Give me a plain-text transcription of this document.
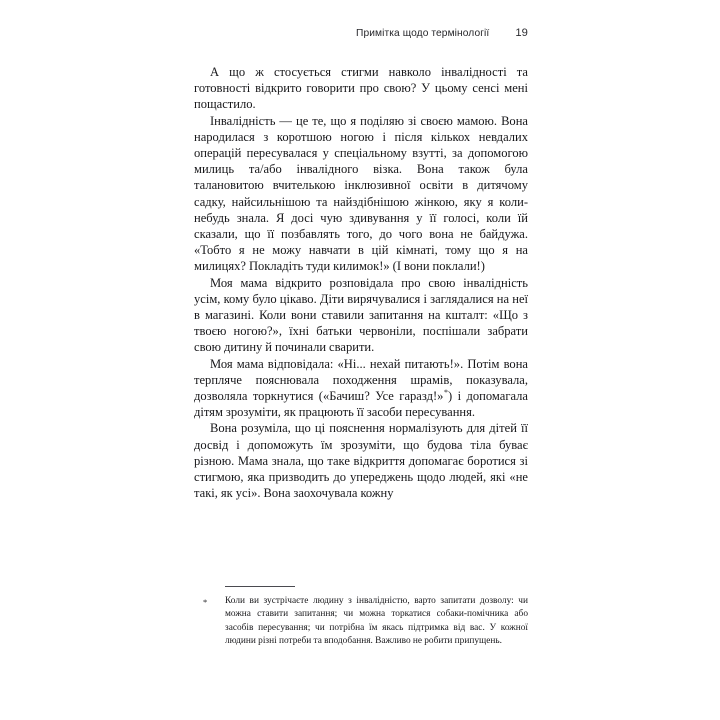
Примітка щодо термінології 19

А що ж стосується стигми навколо інвалідності та готовності відкрито говорити про свою? У цьому сенсі мені пощастило.

Інвалідність — це те, що я поділяю зі своєю мамою. Вона народилася з коротшою ногою і після кількох невдалих операцій пересувалася у спеціальному взутті, за допомогою милиць та/або інвалідного візка. Вона також була талановитою вчителькою інклюзивної освіти в дитячому садку, найсильнішою та найздібнішою жінкою, яку я коли-небудь знала. Я досі чую здивування у її голосі, коли їй сказали, що її позбавлять того, до чого вона не байдужа. «Тобто я не можу навчати в цій кімнаті, тому що я на милицях? Покладіть туди килимок!» (І вони поклали!)

Моя мама відкрито розповідала про свою інвалідність усім, кому було цікаво. Діти вирячувалися і заглядалися на неї в магазині. Коли вони ставили запитання на кшталт: «Що з твоєю ногою?», їхні батьки червоніли, поспішали забрати свою дитину й починали сварити.

Моя мама відповідала: «Ні... нехай питають!». Потім вона терпляче пояснювала походження шрамів, показувала, дозволяла торкнутися («Бачиш? Усе гаразд!»*) і допомагала дітям зрозуміти, як працюють її засоби пересування.

Вона розуміла, що ці пояснення нормалізують для дітей її досвід і допоможуть їм зрозуміти, що будова тіла буває різною. Мама знала, що таке відкриття допомагає боротися зі стигмою, яка призводить до упереджень щодо людей, які «не такі, як усі». Вона заохочувала кожну

* Коли ви зустрічаєте людину з інвалідністю, варто запитати дозволу: чи можна ставити запитання; чи можна торкатися собаки-помічника або засобів пересування; чи потрібна їм якась підтримка від вас. У кожної людини різні потреби та вподобання. Важливо не робити припущень.
